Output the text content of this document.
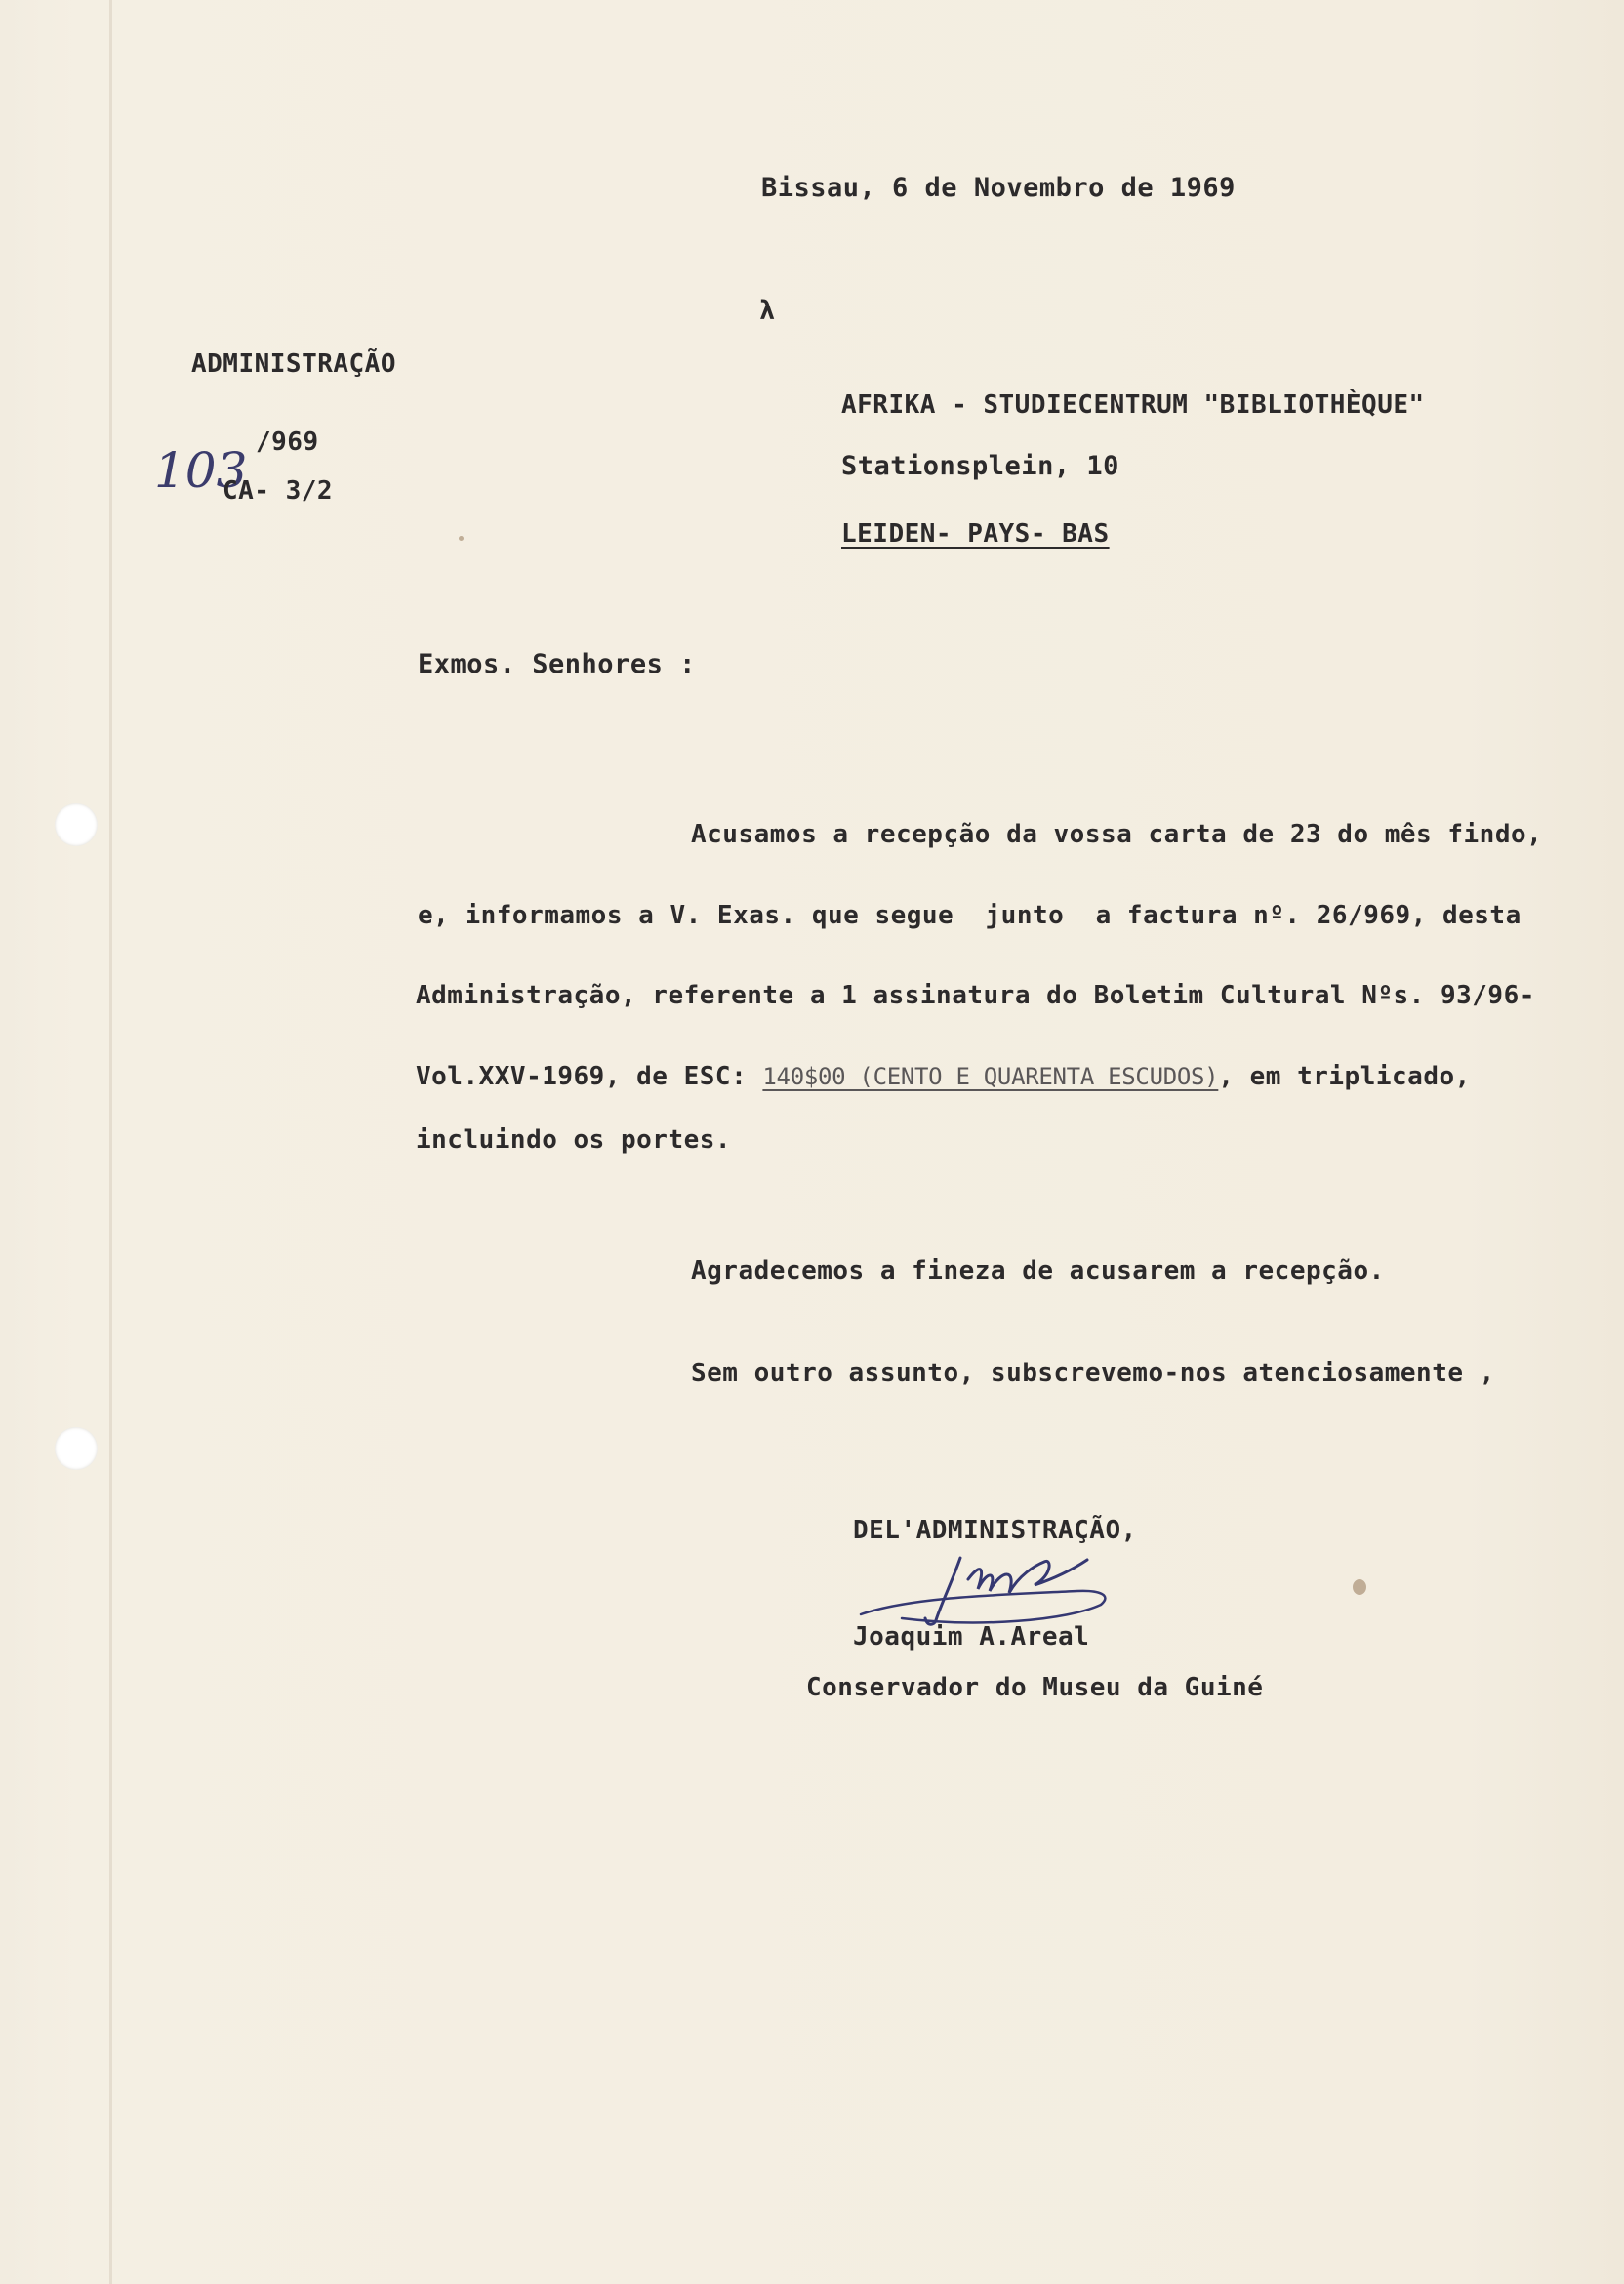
Bissau, 6 de Novembro de 1969

λ

ADMINISTRAÇÃO

103 /969

CA- 3/2

AFRIKA - STUDIECENTRUM "BIBLIOTHÈQUE"

Stationsplein, 10

LEIDEN- PAYS- BAS

Exmos. Senhores :

Acusamos a recepção da vossa carta de 23 do mês findo,

e, informamos a V. Exas. que segue  junto  a factura nº. 26/969, desta

Administração, referente a 1 assinatura do Boletim Cultural Nºs. 93/96-

Vol.XXV-1969, de ESC: 140$00 (CENTO E QUARENTA ESCUDOS), em triplicado,

incluindo os portes.

Agradecemos a fineza de acusarem a recepção.

Sem outro assunto, subscrevemo-nos atenciosamente ,

DEL'ADMINISTRAÇÃO,

Joaquim A.Areal

Conservador do Museu da Guiné
